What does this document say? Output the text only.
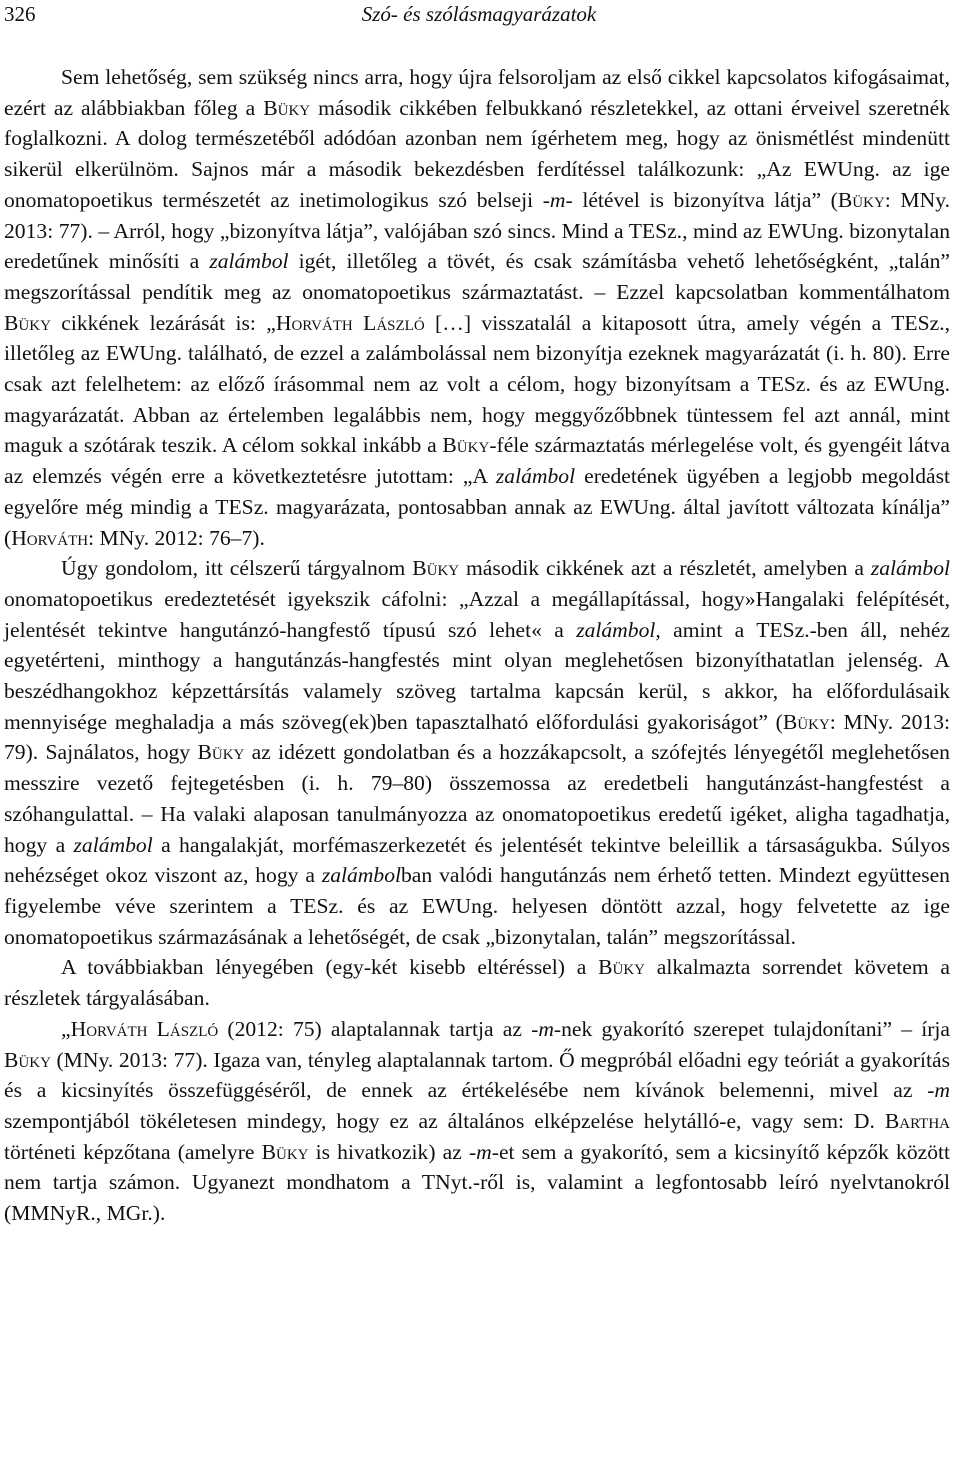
326	Szó- és szólásmagyarázatok

Sem lehetőség, sem szükség nincs arra, hogy újra felsoroljam az első cikkel kapcsolatos kifogásaimat, ezért az alábbiakban főleg a Büky második cikkében felbukkanó részletekkel, az ottani érveivel szeretnék foglalkozni. A dolog természetéből adódóan azonban nem ígérhetem meg, hogy az önismétlést mindenütt sikerül elkerülnöm. Sajnos már a második bekezdésben ferdítéssel találkozunk: „Az EWUng. az ige onomatopoetikus természetét az inetimologikus szó belseji -m- létével is bizonyítva látja” (Büky: MNy. 2013: 77). – Arról, hogy „bizonyítva látja”, valójában szó sincs. Mind a TESz., mind az EWUng. bizonytalan eredetűnek minősíti a zalámbol igét, illetőleg a tövét, és csak számításba vehető lehetőségként, „talán” megszorítással pendítik meg az onomatopoetikus származtatást. – Ezzel kapcsolatban kommentálhatom Büky cikkének lezárását is: „Horváth László […] visszatalál a kitaposott útra, amely végén a TESz., illetőleg az EWUng. található, de ezzel a zalámbolással nem bizonyítja ezeknek magyarázatát (i. h. 80). Erre csak azt felelhetem: az előző írásommal nem az volt a célom, hogy bizonyítsam a TESz. és az EWUng. magyarázatát. Abban az értelemben legalábbis nem, hogy meggyőzőbbnek tüntessem fel azt annál, mint maguk a szótárak teszik. A célom sokkal inkább a Büky-féle származtatás mérlegelése volt, és gyengéit látva az elemzés végén erre a következtetésre jutottam: „A zalámbol eredetének ügyében a legjobb megoldást egyelőre még mindig a TESz. magyarázata, pontosabban annak az EWUng. által javított változata kínálja” (Horváth: MNy. 2012: 76–7).

Úgy gondolom, itt célszerű tárgyalnom Büky második cikkének azt a részletét, amelyben a zalámbol onomatopoetikus eredeztetését igyekszik cáfolni: „Azzal a megállapítással, hogy»Hangalaki felépítését, jelentését tekintve hangutánzó-hangfestő típusú szó lehet« a zalámbol, amint a TESz.-ben áll, nehéz egyetérteni, minthogy a hangutánzás-hangfestés mint olyan meglehetősen bizonyíthatatlan jelenség. A beszédhangokhoz képzettársítás valamely szöveg tartalma kapcsán kerül, s akkor, ha előfordulásaik mennyisége meghaladja a más szöveg(ek)ben tapasztalható előfordulási gyakoriságot” (Büky: MNy. 2013: 79). Sajnálatos, hogy Büky az idézett gondolatban és a hozzákapcsolt, a szófejtés lényegétől meglehetősen messzire vezető fejtegetésben (i. h. 79–80) összemossa az eredetbeli hangutánzást-hangfestést a szóhangulattal. – Ha valaki alaposan tanulmányozza az onomatopoetikus eredetű igéket, aligha tagadhatja, hogy a zalámbol a hangalakját, morfémaszerkezetét és jelentését tekintve beleillik a társaságukba. Súlyos nehézséget okoz viszont az, hogy a zalámbolban valódi hangutánzás nem érhető tetten. Mindezt együttesen figyelembe véve szerintem a TESz. és az EWUng. helyesen döntött azzal, hogy felvetette az ige onomatopoetikus származásának a lehetőségét, de csak „bizonytalan, talán” megszorítással.

A továbbiakban lényegében (egy-két kisebb eltéréssel) a Büky alkalmazta sorrendet követem a részletek tárgyalásában.

„Horváth László (2012: 75) alaptalannak tartja az -m-nek gyakorító szerepet tulajdonítani” – írja Büky (MNy. 2013: 77). Igaza van, tényleg alaptalannak tartom. Ő megpróbál előadni egy teóriát a gyakorítás és a kicsinyítés összefüggéséről, de ennek az értékelésébe nem kívánok belemenni, mivel az -m szempontjából tökéletesen mindegy, hogy ez az általános elképzelése helytálló-e, vagy sem: D. Bartha történeti képzőtana (amelyre Büky is hivatkozik) az -m-et sem a gyakorító, sem a kicsinyítő képzők között nem tartja számon. Ugyanezt mondhatom a TNyt.-ről is, valamint a legfontosabb leíró nyelvtanokról (MMNyR., MGr.).
